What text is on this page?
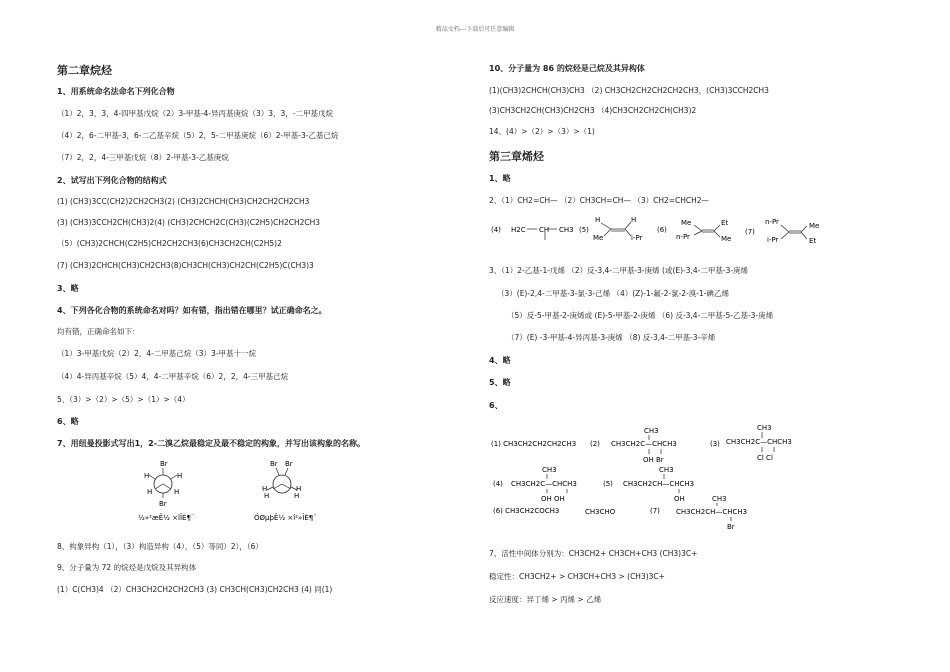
精品文档---下载后可任意编辑
第二章烷烃
1、用系统命名法命名下列化合物
（1）2，3，3，4-四甲基戊烷（2）3-甲基-4-异丙基庚烷（3）3，3，-二甲基戊烷
（4）2，6-二甲基-3，6-二乙基辛烷（5）2，5-二甲基庚烷（6）2-甲基-3-乙基己烷
（7）2，2，4-三甲基戊烷（8）2-甲基-3-乙基庚烷
2、试写出下列化合物的结构式
(1) (CH3)3CC(CH2)2CH2CH3(2) (CH3)2CHCH(CH3)CH2CH2CH2CH3
(3) (CH3)3CCH2CH(CH3)2(4) (CH3)2CHCH2C(CH3)(C2H5)CH2CH2CH3
（5）(CH3)2CHCH(C2H5)CH2CH2CH3(6)CH3CH2CH(C2H5)2
(7) (CH3)2CHCH(CH3)CH2CH3(8)CH3CH(CH3)CH2CH(C2H5)C(CH3)3
3、略
4、下列各化合物的系统命名对吗？如有错，指出错在哪里？试正确命名之。
均有错，正确命名如下：
（1）3-甲基戊烷（2）2，4-二甲基己烷（3）3-甲基十一烷
（4）4-异丙基辛烷（5）4，4-二甲基辛烷（6）2，2，4-三甲基己烷
5、（3）>（2）>（5）>（1）>（4）
6、略
7、用纽曼投影式写出1，2-二溴乙烷最稳定及最不稳定的构象，并写出该构象的名称。
Br
H	H
H	H
Br
½»²æÊ½ ×îÎÈ¶¨
Br Br
H	H
H	H
ÖØµþÊ½ ×î²»ÎÈ¶¨
8、构象异构（1），（3）构造异构（4），（5）等同）2），（6）
9、分子量为 72 的烷烃是戊烷及其异构体
(1）C(CH3)4 （2）CH3CH2CH2CH2CH3 (3) CH3CH(CH3)CH2CH3 (4) 同(1)
10、分子量为 86 的烷烃是己烷及其异构体
(1)(CH3)2CHCH(CH3)CH3 （2) CH3CH2CH2CH2CH2CH3，(CH3)3CCH2CH3
(3)CH3CH2CH(CH3)CH2CH3 （4)CH3CH2CH2CH(CH3)2
14、(4）>（2）>（3）>（1)
第三章烯烃
1、略
2、（1）CH2=CH— （2）CH3CH=CH— （3）CH2=CHCH2—
(4) H2C CH CH3 (5)
H
Me
H
i-Pr
(6)
Me
n-Pr
Et
Me
(7)
n-Pr
i-Pr
Me
Et
3、（1）2-乙基-1-戊烯 （2）反-3,4-二甲基-3-庚烯 (或(E)-3,4-二甲基-3-庚烯
（3）(E)-2,4-二甲基-3-氯-3-己烯 （4）(Z)-1-氟-2-氯-2-溴-1-碘乙烯
（5）反-5-甲基-2-庚烯或 (E)-5-甲基-2-庚烯 （6) 反-3,4-二甲基-5-乙基-3-庚烯
（7）(E) -3-甲基-4-异丙基-3-庚烯 （8) 反-3,4-二甲基-3-辛烯
4、略
5、略
6、
(1) CH3CH2CH2CH2CH3 (2)
CH3
CH3CH2C—CHCH3
OH Br
(3)
CH3
CH3CH2C—CHCH3
Cl Cl
(4)
CH3
CH3CH2C—CHCH3
OH OH
(5)
CH3
CH3CH2CH—CHCH3
OH
(6) CH3CH2COCH3	CH3CHO	(7)
CH3
CH3CH2CH—CHCH3
Br
7、活性中间体分别为：CH3CH2+ CH3CH+CH3 (CH3)3C+
稳定性：CH3CH2+ > CH3CH+CH3 > (CH3)3C+
反应速度：异丁烯 > 丙烯 > 乙烯
